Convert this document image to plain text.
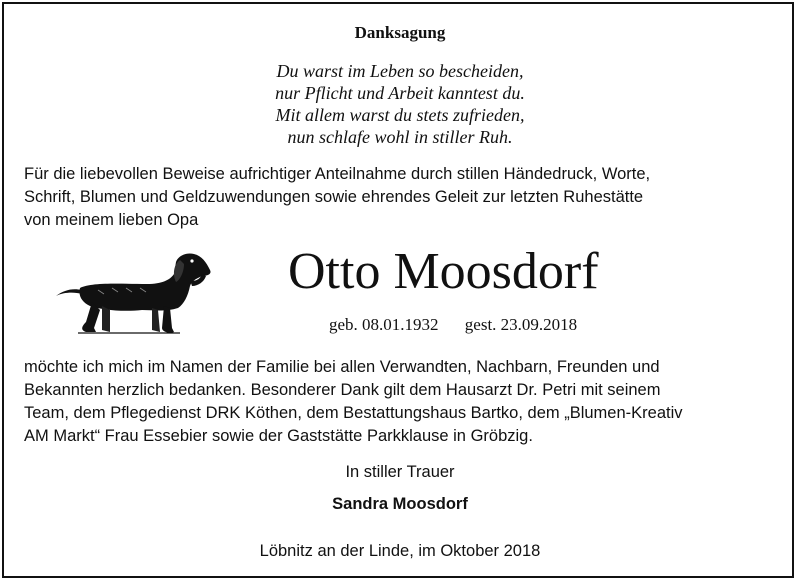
Danksagung
Du warst im Leben so bescheiden,
nur Pflicht und Arbeit kanntest du.
Mit allem warst du stets zufrieden,
nun schlafe wohl in stiller Ruh.
Für die liebevollen Beweise aufrichtiger Anteilnahme durch stillen Händedruck, Worte,
Schrift, Blumen und Geldzuwendungen sowie ehrendes Geleit zur letzten Ruhestätte
von meinem lieben Opa
Otto Moosdorf
geb. 08.01.1932 gest. 23.09.2018
möchte ich mich im Namen der Familie bei allen Verwandten, Nachbarn, Freunden und
Bekannten herzlich bedanken. Besonderer Dank gilt dem Hausarzt Dr. Petri mit seinem
Team, dem Pflegedienst DRK Köthen, dem Bestattungshaus Bartko, dem „Blumen-Kreativ
AM Markt“ Frau Essebier sowie der Gaststätte Parkklause in Gröbzig.
In stiller Trauer
Sandra Moosdorf
Löbnitz an der Linde, im Oktober 2018
